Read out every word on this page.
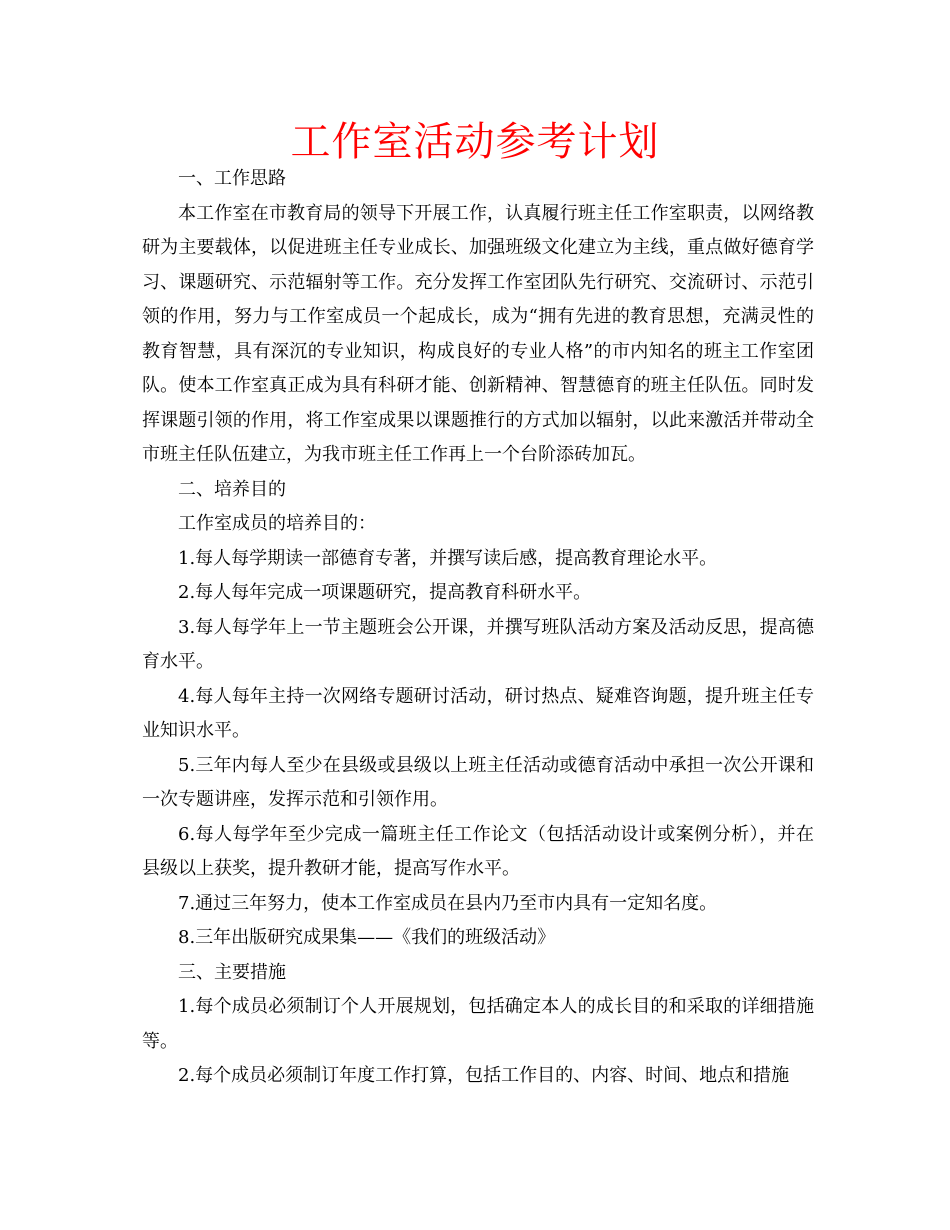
工作室活动参考计划

一、工作思路

本工作室在市教育局的领导下开展工作，认真履行班主任工作室职责，以网络教研为主要载体，以促进班主任专业成长、加强班级文化建立为主线，重点做好德育学习、课题研究、示范辐射等工作。充分发挥工作室团队先行研究、交流研讨、示范引领的作用，努力与工作室成员一个起成长，成为“拥有先进的教育思想，充满灵性的教育智慧，具有深沉的专业知识，构成良好的专业人格”的市内知名的班主工作室团队。使本工作室真正成为具有科研才能、创新精神、智慧德育的班主任队伍。同时发挥课题引领的作用，将工作室成果以课题推行的方式加以辐射，以此来激活并带动全市班主任队伍建立，为我市班主任工作再上一个台阶添砖加瓦。

二、培养目的

工作室成员的培养目的：

1.每人每学期读一部德育专著，并撰写读后感，提高教育理论水平。

2.每人每年完成一项课题研究，提高教育科研水平。

3.每人每学年上一节主题班会公开课，并撰写班队活动方案及活动反思，提高德育水平。

4.每人每年主持一次网络专题研讨活动，研讨热点、疑难咨询题，提升班主任专业知识水平。

5.三年内每人至少在县级或县级以上班主任活动或德育活动中承担一次公开课和一次专题讲座，发挥示范和引领作用。

6.每人每学年至少完成一篇班主任工作论文（包括活动设计或案例分析），并在县级以上获奖，提升教研才能，提高写作水平。

7.通过三年努力，使本工作室成员在县内乃至市内具有一定知名度。

8.三年出版研究成果集——《我们的班级活动》

三、主要措施

1.每个成员必须制订个人开展规划，包括确定本人的成长目的和采取的详细措施等。

2.每个成员必须制订年度工作打算，包括工作目的、内容、时间、地点和措施
